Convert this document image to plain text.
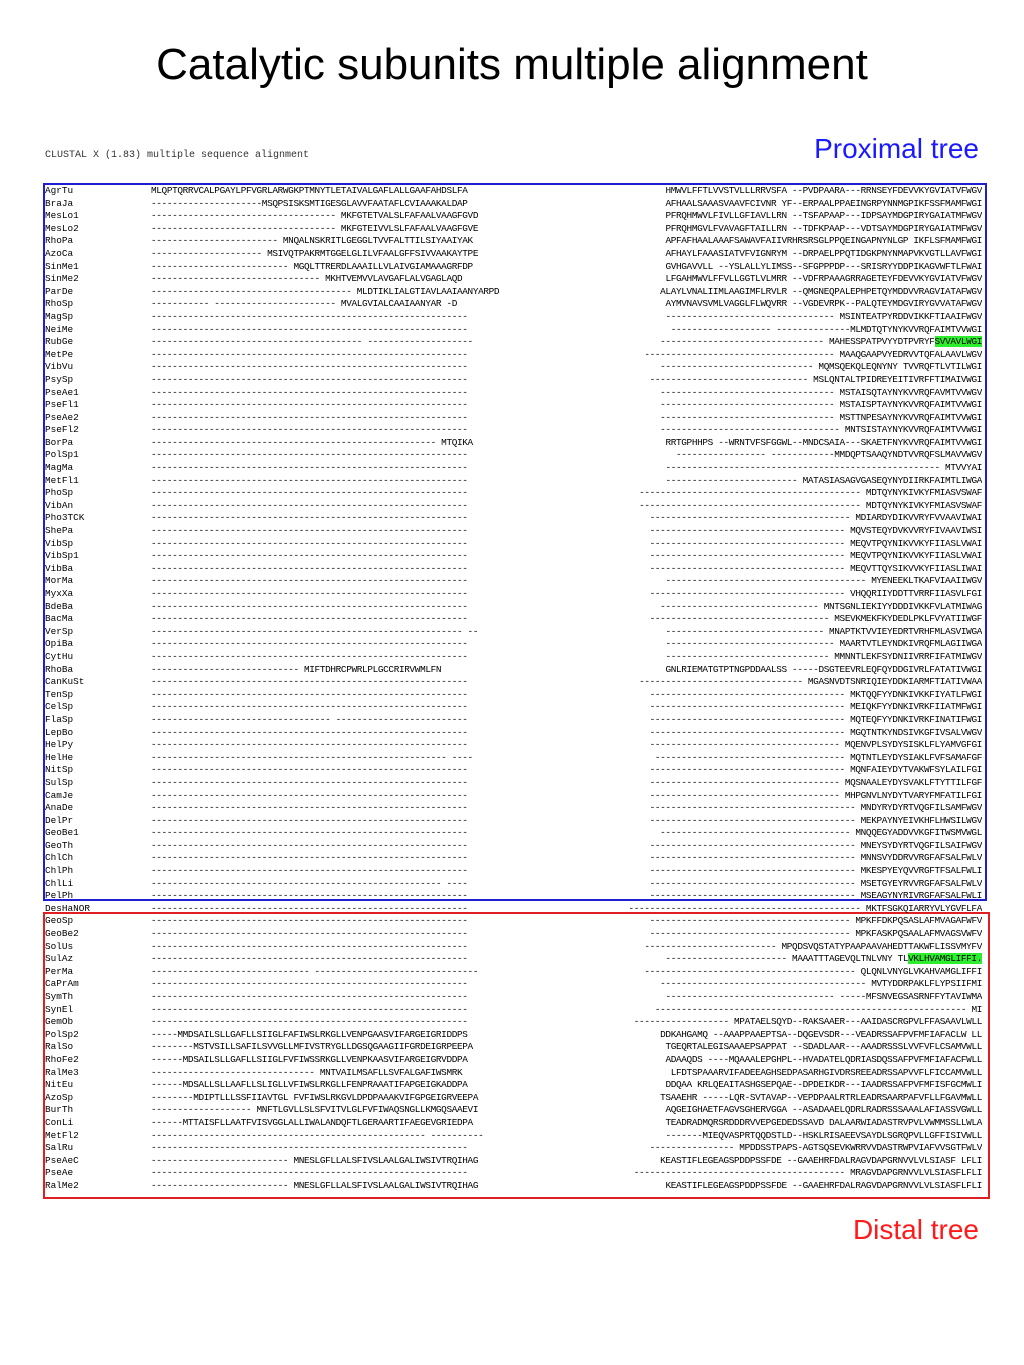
Catalytic subunits multiple alignment
CLUSTAL X (1.83) multiple sequence alignment	Proximal tree
Distal tree
AgrTu	MLQPTQRRVCALPGAYLPFVGRLARWGKPTMNYTLETAIVALGAFLALLGAAFAHDSLFA	HMWVLFFTLVVSTVLLLRRVSFA --PVDPAARA---RRNSEYFDEVVKYGVIATVFWGV
BraJa	---------------------MSQPSISKSMTIGESGLAVVFAATAFLCVIAAAKALDAP	AFHAALSAAASVAAVFCIVNR YF--ERPAALPPAEINGRPYNNMGPIKFSSFMAMFWGI
MesLo1	----------------------------------- MKFGTETVALSLFAFAALVAAGFGVD	PFRQHMWVLFIVLLGFIAVLLRN --TSFAPAAP---IDPSAYMDGPIRYGAIATMFWGV
MesLo2	----------------------------------- MKFGTEIVVLSLFAFAALVAAGFGVE	PFRQHMGVLFVAVAGFTAILLRN --TDFKPAAP---VDTSAYMDGPIRYGAIATMFWGV
RhoPa	------------------------ MNQALNSKRITLGEGGLTVVFALTTILSIYAAIYAK	APFAFHAALAAAFSAWAVFAIIVRHRSRSGLPPQEINGAPNYNLGP IKFLSFMAMFWGI
AzoCa	--------------------- MSIVQTPAKRMTGGELGLILVFAALGFFSIVVAAKAYTPE	AFHAYLFAAASIATVFVIGNRYM --DRPAELPPQTIDGKPNYNMAPVKVGTLLAVFWGI
SinMe1	-------------------------- MGQLTTRERDLAAAILLVLAIVGIAMAAAGRFDP	GVHGAVVLL --YSLALLYLIMSS--SFGPPPDP---SRISRYYDDPIKAGVWFTLFWAI
SinMe2	-------------------------------- MKHTVEMVVLAVGAFLALVGAGLAQD	LFGAHMWVLFFVLLGGTLVLMRR --VDFRPAAAGRRAGETEYFDEVVKYGVIATVFWGV
ParDe	-------------------------------------- MLDTIKLIALGTIAVLAAIAANYARPD	ALAYLVNALIIMLAAGIMFLRVLR --QMGNEQPALEPHPETQYMDDVVRAGVIATAFWGV
RhoSp	----------- ----------------------- MVALGVIALCAAIAANYAR -D	AYMVNAVSVMLVAGGLFLWQVRR --VGDEVRPK--PALQTEYMDGVIRYGVVATAFWGV
MagSp	------------------------------------------------------------	-------------------------------- MSINTEATPYRDDVIKKFTIAAIFWGV
NeiMe	------------------------------------------------------------	------------------- --------------MLMDTQTYNYKVVRQFAIMTVVWGI
RubGe	---------------------------------------- --------------------	------------------------------- MAHESSPATPVYYDTPVRYFSVVAVLWGI
MetPe	------------------------------------------------------------	------------------------------------ MAAQGAAPVYEDRVVTQFALAAVLWGV
VibVu	------------------------------------------------------------	----------------------------- MQMSQEKQLEQNYNY TVVRQFTLVTILWGI
PsySp	------------------------------------------------------------	------------------------------ MSLQNTALTPIDREYEITIVRFFTIMAIVWGI
PseAe1	------------------------------------------------------------	--------------------------------- MSTAISQTAYNYKVVRQFAVMTVVWGV
PseFl1	------------------------------------------------------------	--------------------------------- MSTAISPTAYNYKVVRQFAIMTVVWGI
PseAe2	------------------------------------------------------------	--------------------------------- MSTTNPESAYNYKVVRQFAIMTVVWGI
PseFl2	------------------------------------------------------------	---------------------------------- MNTSISTAYNYKVVRQFAIMTVVWGI
BorPa	------------------------------------------------------ MTQIKA	RRTGPHHPS --WRNTVFSFGGWL--MNDCSAIA---SKAETFNYKVVRQFAIMTVVWGI
PolSp1	------------------------------------------------------------	----------------- ------------MMDQPTSAAQYNDTVVRQFSLMAVVWGV
MagMa	------------------------------------------------------------	---------------------------------------------------- MTVVYAI
MetFl1	------------------------------------------------------------	------------------------- MATASIASAGVGASEQYNYDIIRKFAIMTLIWGA
PhoSp	------------------------------------------------------------	------------------------------------------ MDTQYNYKIVKYFMIASVSWAF
VibAn	------------------------------------------------------------	------------------------------------------ MDTQYNYKIVKYFMIASVSWAF
Pho3TCK	------------------------------------------------------------	-------------------------------------- MDIARDYDIKVVRYFVVAAVIWAI
ShePa	------------------------------------------------------------	------------------------------------- MQVSTEQYDVKVVRYFIVAAVIWSI
VibSp	------------------------------------------------------------	------------------------------------- MEQVTPQYNIKVVKYFIIASLVWAI
VibSp1	------------------------------------------------------------	------------------------------------- MEQVTPQYNIKVVKYFIIASLVWAI
VibBa	------------------------------------------------------------	------------------------------------- MEQVTTQYSIKVVKYFIIASLIWAI
MorMa	------------------------------------------------------------	-------------------------------------- MYENEEKLTKAFVIAAIIWGV
MyxXa	------------------------------------------------------------	------------------------------------- VHQQRIIYDDTTVRRFIIASVLFGI
BdeBa	------------------------------------------------------------	------------------------------ MNTSGNLIEKIYYDDDIVKKFVLATMIWAG
BacMa	------------------------------------------------------------	---------------------------------- MSEVKMEKFKYDEDLPKLFVYATIIWGF
VerSp	----------------------------------------------------------- --	------------------------------ MNAPTKTVVIEYEDRTVRHFMLASVIWGA
OpiBa	------------------------------------------------------------	-------------------------------- MAARTVTLEYNDKIVRQFMLAGIIWGA
CytHu	------------------------------------------------------------	------------------------------- MMNNTLEKFSYDNIIVRRFIFATMIWGV
RhoBa	---------------------------- MIFTDHRCPWRLPLGCCRIRVWMLFN	GNLRIEMATGTPTNGPDDAALSS -----DSGTEEVRLEQFQYDDGIVRLFATATIVWGI
CanKuSt	------------------------------------------------------------	------------------------------- MGASNVDTSNRIQIEYDDKIARMFTIATIVWAA
TenSp	------------------------------------------------------------	------------------------------------- MKTQQFYYDNKIVKKFIYATLFWGI
CelSp	------------------------------------------------------------	------------------------------------- MEIQKFYYDNKIVRKFIIATMFWGI
FlaSp	---------------------------------- -------------------------	------------------------------------- MQTEQFYYDNKIVRKFINATIFWGI
LepBo	------------------------------------------------------------	------------------------------------- MGQTNTKYNDSIVKGFIVSALVWGV
HelPy	------------------------------------------------------------	------------------------------------ MQENVPLSYDYSISKLFLYAMVGFGI
HelHe	-------------------------------------------------------- ----	------------------------------------ MQTNTLEYDYSIAKLFVFSAMAFGF
NitSp	------------------------------------------------------------	------------------------------------- MQNFAIEYDYTVAKWFSYLAILFGI
SulSp	------------------------------------------------------------	------------------------------------ MQSNAALEYDYSVAKLFTYTTILFGF
CamJe	------------------------------------------------------------	------------------------------------ MHPGNVLNYDYTVARYFMFATILFGI
AnaDe	------------------------------------------------------------	--------------------------------------- MNDYRYDYRTVQGFILSAMFWGV
DelPr	------------------------------------------------------------	--------------------------------------- MEKPAYNYEIVKHFLHWSILWGV
GeoBe1	------------------------------------------------------------	------------------------------------ MNQQEGYADDVVKGFITWSMVWGL
GeoTh	------------------------------------------------------------	--------------------------------------- MNEYSYDYRTVQGFILSAIFWGV
ChlCh	------------------------------------------------------------	--------------------------------------- MNNSVYDDRVVRGFAFSALFWLV
ChlPh	------------------------------------------------------------	--------------------------------------- MKESPYEYQVVRGFTFSALFWLI
ChlLi	------------------------------------------------------- ----	--------------------------------------- MSETGYEYRVVRGFAFSALFWLV
PelPh	------------------------------------------------------------	--------------------------------------- MSEAGYNYRIVRGFAFSALFWLI
DesHaNOR	------------------------------------------------------------	-------------------------------------------- MKTFSGKQIARRYVLYGVFLFA
GeoSp	------------------------------------------------------------	-------------------------------------- MPKFFDKPQSASLAFMVAGAFWFV
GeoBe2	------------------------------------------------------------	-------------------------------------- MPKFASKPQSAALAFMVAGSVWFV
SolUs	------------------------------------------------------------	------------------------- MPQDSVQSTATYPAAPAAVAHEDTTAKWFLISSVMYFV
SulAz	------------------------------------------------------------	----------------------- MAAATTTAGEVQLTNLVNY TLVKLHVAMGLIFFI.
PerMa	------------------------------ -------------------------------	---------------------------------------- QLQNLVNYGLVKAHVAMGLIFFI
CaPrAm	------------------------------------------------------------	--------------------------------------- MVTYDDRPAKLFLYPSIIFMI
SymTh	------------------------------------------------------------	-------------------------------- -----MFSNVEGSASRNFFYTAVIWMA
SynEl	------------------------------------------------------------	----------------------------------------------------------- MI
GemOb	------------------------------------------------------------	------------------ MPATAELSQYD--RAKSAAER---AAIDASCRGPVLFFASAAVLWLL
PolSp2	-----MMDSAILSLLGAFLLSIIGLFAFIWSLRKGLLVENPGAASVIFARGEIGRIDDPS	DDKAHGAMQ --AAAPPAAEPTSA--DQGEVSDR---VEADRSSAFPVFMFIAFACLW LL
RalSo	--------MSTVSILLSAFILSVVGLLMFIVSTRYGLLDGSQGAAGIIFGRDEIGRPEEPA	TGEQRTALEGISAAAEPSAPPAT --SDADLAAR---AAADRSSSLVVFVFLCSAMVWLL
RhoFe2	------MDSAILSLLGAFLLSIIGLFVFIWSSRKGLLVENPKAASVIFARGEIGRVDDPA	ADAAQDS ----MQAAALEPGHPL--HVADATELQDRIASDQSSAFPVFMFIAFACFWLL
RalMe3	------------------------------- MNTVAILMSAFLLSVFALGAFIWSMRK	LFDTSPAAARVIFADEEAGHSEDPASARHGIVDRSREEADRSSAPVVFLFICCAMVWLL
NitEu	------MDSALLSLLAAFLLSLIGLLVFIWSLRKGLLFENPRAAATIFAPGEIGKADDPA	DDQAA KRLQEAITASHGSEPQAE--DPDEIKDR---IAADRSSAFPVFMFISFGCMWLI
AzoSp	--------MDIPTLLLSSFIIAVTGL FVFIWSLRKGVLDPDPAAAKVIFGPGEIGRVEEPA	TSAAEHR -----LQR-SVTAVAP--VEPDPAALRTRLEADRSAARPAFVFLLFGAVMWLL
BurTh	------------------- MNFTLGVLLSLSFVITVLGLFVFIWAQSNGLLKMGQSAAEVI	AQGEIGHAETFAGVSGHERVGGA --ASADAAELQDRLRADRSSSAAALAFIASSVGWLL
ConLi	------MTTAISFLLAATFVISVGGLALLIWALANDQFTLGERAARTIFAEGEVGRIEDPA	TEADRADMQRSRDDDRVVEPGEDEDSSAVD DALAARWIADASTRVPVLVWMMSSLLWLA
MetFl2	---------------------------------------------------- ----------	-------MIEQVASPRTQQDSTLD--HSKLRISAEEVSAYDLSGRQPVLLGFFISIVWLL
SalRu	------------------------------------------------------------	---------------- MPDDSSTPAPS-AGTSQSEVKWRRVVDASTRWPVIAFVVSGTFWLV
PseAeC	-------------------------- MNESLGFLLALSFIVSLAALGALIWSIVTRQIHAG	KEASTIFLEGEAGSPDDPSSFDE --GAAEHRFDALRAGVDAPGRNVVLVLSIASF LFLI
PseAe	------------------------------------------------------------	---------------------------------------- MRAGVDAPGRNVVLVLSIASFLFLI
RalMe2	-------------------------- MNESLGFLLALSFIVSLAALGALIWSIVTRQIHAG	KEASTIFLEGEAGSPDDPSSFDE --GAAEHRFDALRAGVDAPGRNVVLVLSIASFLFLI
